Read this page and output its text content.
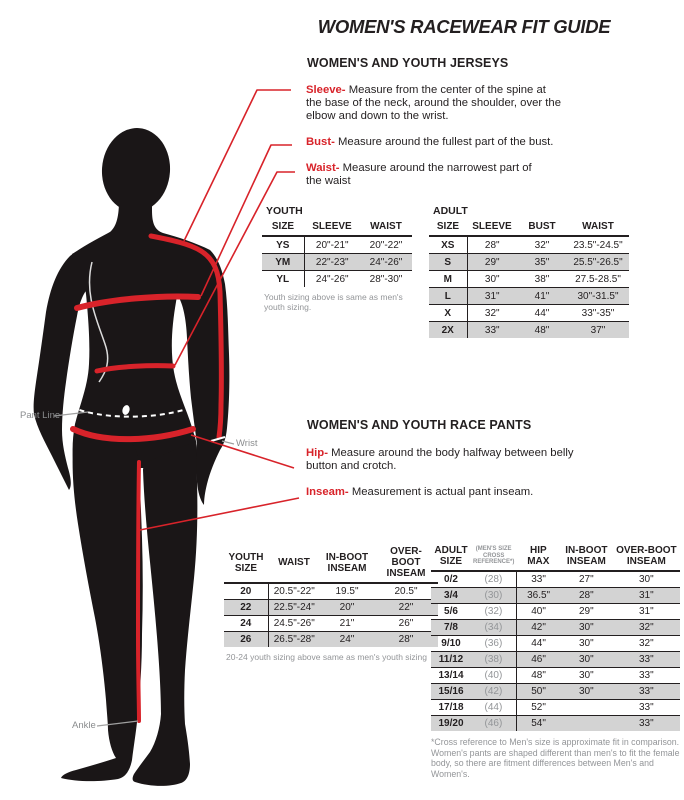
Pant Line
Wrist
Ankle
WOMEN'S RACEWEAR FIT GUIDE
WOMEN'S AND YOUTH JERSEYS
Sleeve- Measure from the center of the spine at the base of the neck, around the shoulder, over the elbow and down to the wrist.
Bust- Measure around the fullest part of the bust.
Waist- Measure around the narrowest part of the waist
WOMEN'S AND YOUTH RACE PANTS
Hip- Measure around the body halfway between belly button and crotch.
Inseam- Measurement is actual pant inseam.
YOUTH
SIZE	SLEEVE	WAIST
YS	20"-21"	20"-22"
YM	22"-23"	24"-26"
YL	24"-26"	28"-30"
Youth sizing above is same as men's youth sizing.
ADULT
SIZE	SLEEVE	BUST	WAIST
XS	28"	32"	23.5"-24.5"
S	29"	35"	25.5"-26.5"
M	30"	38"	27.5-28.5"
L	31"	41"	30"-31.5"
X	32"	44"	33"-35"
2X	33"	48"	37"
YOUTH
SIZE	WAIST	IN-BOOT
INSEAM

OVER-BOOT
INSEAM

20	20.5"-22"	19.5"	20.5"
22	22.5"-24"	20"	22"
24	24.5"-26"	21"	26"
26	26.5"-28"	24"	28"
20-24 youth sizing above same as men's youth sizing
ADULT
SIZE

(MEN'S SIZE CROSS REFERENCE*)

HIP
MAX

IN-BOOT
INSEAM

OVER-BOOT
INSEAM

0/2	(28)	33"	27"	30"
3/4	(30)	36.5"	28"	31"
5/6	(32)	40"	29"	31"
7/8	(34)	42"	30"	32"
9/10	(36)	44"	30"	32"
11/12	(38)	46"	30"	33"
13/14	(40)	48"	30"	33"
15/16	(42)	50"	30"	33"
17/18	(44)	52"		33"
19/20	(46)	54"		33"
*Cross reference to Men's size is approximate fit in comparison. Women's pants are shaped different than men's to fit the female body, so there are fitment differences between Men's and Women's.
